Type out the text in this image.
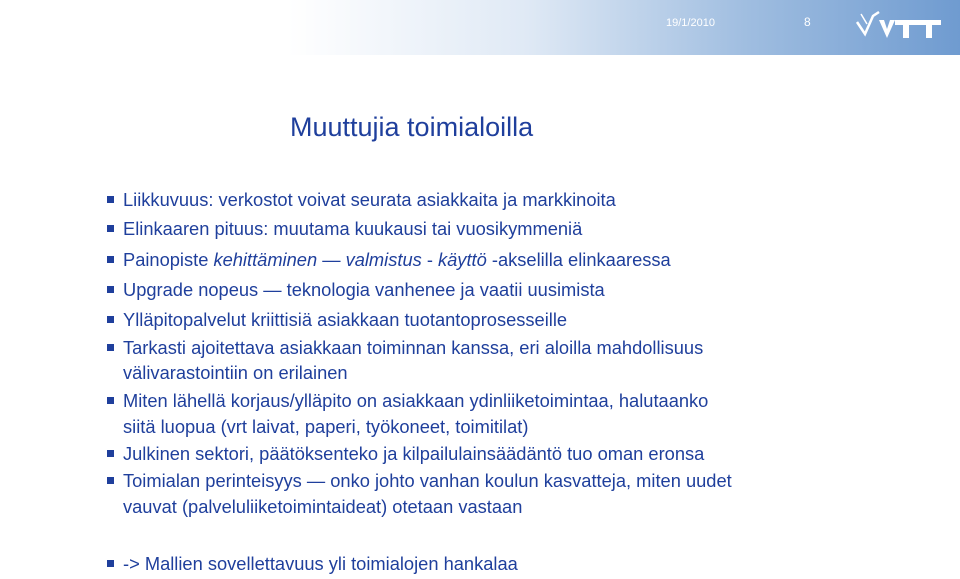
19/1/2010	8
Muuttujia toimialoilla
Liikkuvuus: verkostot voivat seurata asiakkaita ja markkinoita
Elinkaaren pituus: muutama kuukausi tai vuosikymmeniä
Painopiste kehittäminen — valmistus - käyttö -akselilla elinkaaressa
Upgrade nopeus — teknologia vanhenee ja vaatii uusimista
Ylläpitopalvelut kriittisiä asiakkaan tuotantoprosesseille
Tarkasti ajoitettava asiakkaan toiminnan kanssa, eri aloilla mahdollisuus
välivarastointiin on erilainen
Miten lähellä korjaus/ylläpito on asiakkaan ydinliiketoimintaa, halutaanko
siitä luopua (vrt laivat, paperi, työkoneet, toimitilat)
Julkinen sektori, päätöksenteko ja kilpailulainsäädäntö tuo oman eronsa
Toimialan perinteisyys — onko johto vanhan koulun kasvatteja, miten uudet
vauvat (palveluliiketoimintaideat) otetaan vastaan
-> Mallien sovellettavuus yli toimialojen hankalaa
